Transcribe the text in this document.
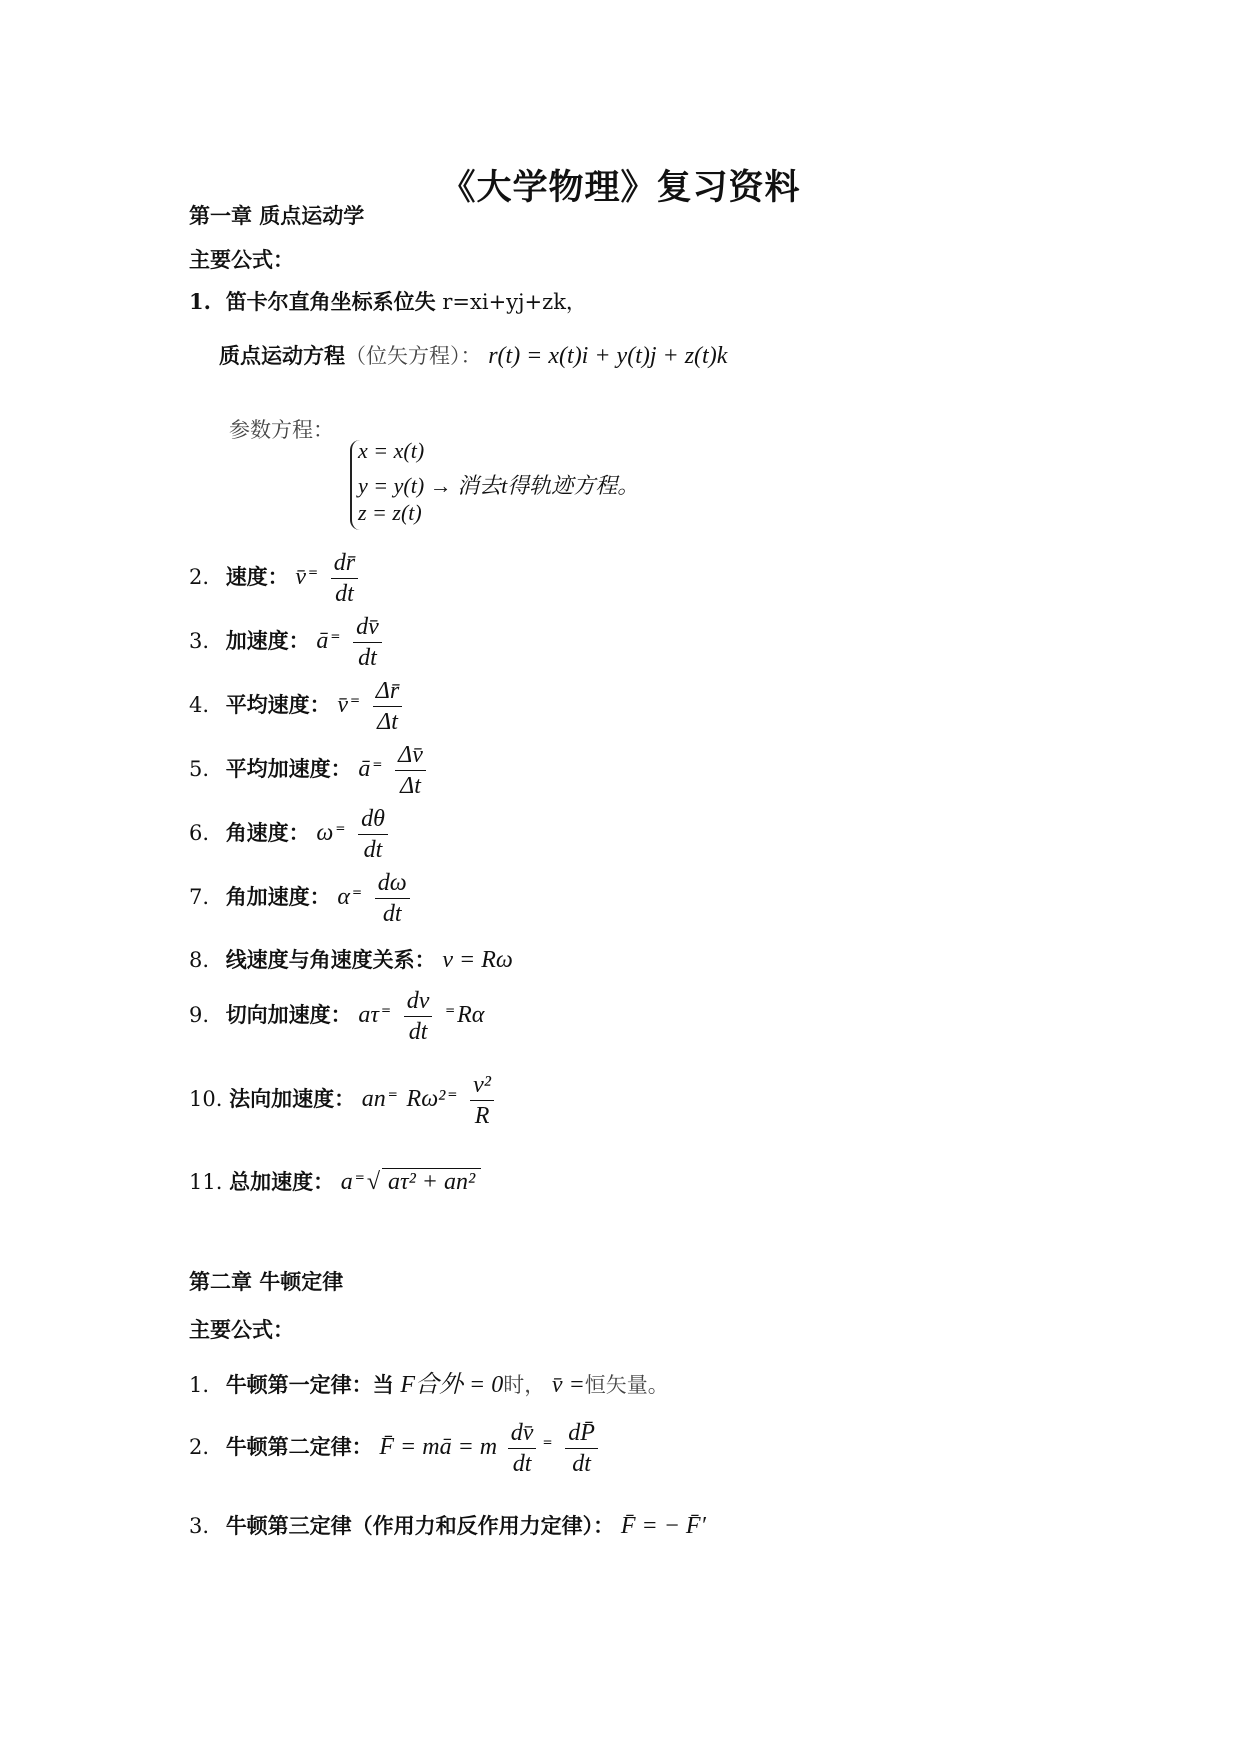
《大学物理》复习资料
第一章 质点运动学
主要公式：
1. 笛卡尔直角坐标系位失 r=xi+yj+zk，
质点运动方程（位矢方程）： r(t) = x(t)i + y(t)j + z(t)k
参数方程：
x = x(t)
y = y(t) → 消去t得轨迹方程。
z = z(t)
2. 速度： v̄ $^= \frac{dr̄}{dt}$
3. 加速度： ā $^= \frac{dv̄}{dt}$
4. 平均速度： v̄ $^= \frac{\Delta r̄}{\Delta t}$
5. 平均加速度： ā $^= \frac{\Delta v̄}{\Delta t}$
6. 角速度： ω $^= \frac{d\theta}{dt}$
7. 角加速度： α $^= \frac{d\omega}{dt}$
8. 线速度与角速度关系： v = Rω
9. 切向加速度： aτ $^= \frac{dv}{dt} ^=R\alpha$
10. 法向加速度： an = Rω² $^= \frac{\text{v²}}{R}$
11. 总加速度： a =√ aτ² + an²
第二章 牛顿定律
主要公式：
1. 牛顿第一定律：当 F合外 = 0时， v̄ =恒矢量。
2. 牛顿第二定律： F̄ = mā = m $\frac{dv̄}{dt} ^= \frac{dP̄}{dt}$
3. 牛顿第三定律（作用力和反作用力定律）： F̄ = − F̄′
